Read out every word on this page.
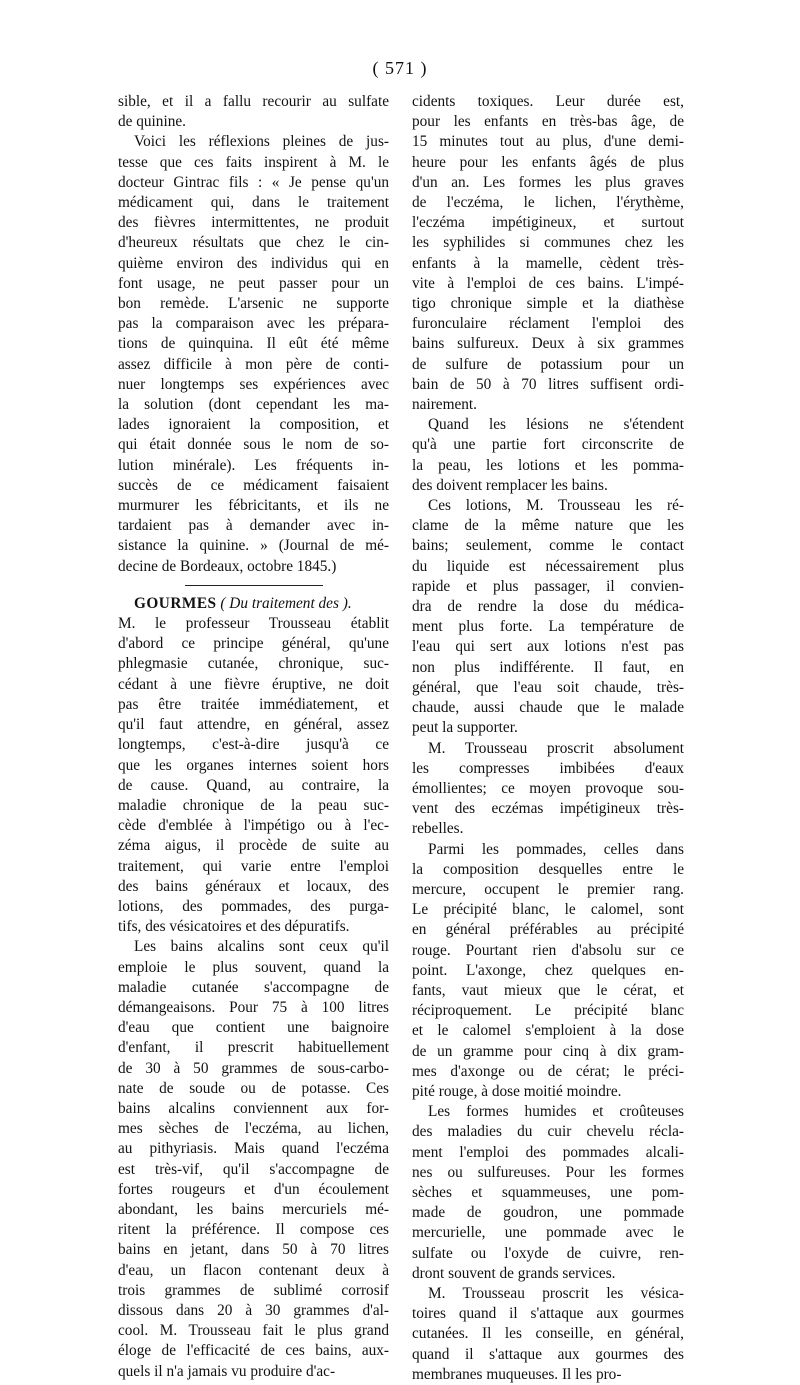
( 571 )

sible, et il a fallu recourir au sulfate
de quinine.

Voici les réflexions pleines de jus-
tesse que ces faits inspirent à M. le
docteur Gintrac fils : « Je pense qu'un
médicament qui, dans le traitement
des fièvres intermittentes, ne produit
d'heureux résultats que chez le cin-
quième environ des individus qui en
font usage, ne peut passer pour un
bon remède. L'arsenic ne supporte
pas la comparaison avec les prépara-
tions de quinquina. Il eût été même
assez difficile à mon père de conti-
nuer longtemps ses expériences avec
la solution (dont cependant les ma-
lades ignoraient la composition, et
qui était donnée sous le nom de so-
lution minérale). Les fréquents in-
succès de ce médicament faisaient
murmurer les fébricitants, et ils ne
tardaient pas à demander avec in-
sistance la quinine. » (Journal de mé-
decine de Bordeaux, octobre 1845.)

GOURMES ( Du traitement des ).

M. le professeur Trousseau établit
d'abord ce principe général, qu'une
phlegmasie cutanée, chronique, suc-
cédant à une fièvre éruptive, ne doit
pas être traitée immédiatement, et
qu'il faut attendre, en général, assez
longtemps, c'est-à-dire jusqu'à ce
que les organes internes soient hors
de cause. Quand, au contraire, la
maladie chronique de la peau suc-
cède d'emblée à l'impétigo ou à l'ec-
zéma aigus, il procède de suite au
traitement, qui varie entre l'emploi
des bains généraux et locaux, des
lotions, des pommades, des purga-
tifs, des vésicatoires et des dépuratifs.

Les bains alcalins sont ceux qu'il
emploie le plus souvent, quand la
maladie cutanée s'accompagne de
démangeaisons. Pour 75 à 100 litres
d'eau que contient une baignoire
d'enfant, il prescrit habituellement
de 30 à 50 grammes de sous-carbo-
nate de soude ou de potasse. Ces
bains alcalins conviennent aux for-
mes sèches de l'eczéma, au lichen,
au pithyriasis. Mais quand l'eczéma
est très-vif, qu'il s'accompagne de
fortes rougeurs et d'un écoulement
abondant, les bains mercuriels mé-
ritent la préférence. Il compose ces
bains en jetant, dans 50 à 70 litres
d'eau, un flacon contenant deux à
trois grammes de sublimé corrosif
dissous dans 20 à 30 grammes d'al-
cool. M. Trousseau fait le plus grand
éloge de l'efficacité de ces bains, aux-
quels il n'a jamais vu produire d'ac-

cidents toxiques. Leur durée est,
pour les enfants en très-bas âge, de
15 minutes tout au plus, d'une demi-
heure pour les enfants âgés de plus
d'un an. Les formes les plus graves
de l'eczéma, le lichen, l'érythème,
l'eczéma impétigineux, et surtout
les syphilides si communes chez les
enfants à la mamelle, cèdent très-
vite à l'emploi de ces bains. L'impé-
tigo chronique simple et la diathèse
furonculaire réclament l'emploi des
bains sulfureux. Deux à six grammes
de sulfure de potassium pour un
bain de 50 à 70 litres suffisent ordi-
nairement.

Quand les lésions ne s'étendent
qu'à une partie fort circonscrite de
la peau, les lotions et les pomma-
des doivent remplacer les bains.

Ces lotions, M. Trousseau les ré-
clame de la même nature que les
bains; seulement, comme le contact
du liquide est nécessairement plus
rapide et plus passager, il convien-
dra de rendre la dose du médica-
ment plus forte. La température de
l'eau qui sert aux lotions n'est pas
non plus indifférente. Il faut, en
général, que l'eau soit chaude, très-
chaude, aussi chaude que le malade
peut la supporter.

M. Trousseau proscrit absolument
les compresses imbibées d'eaux
émollientes; ce moyen provoque sou-
vent des eczémas impétigineux très-
rebelles.

Parmi les pommades, celles dans
la composition desquelles entre le
mercure, occupent le premier rang.
Le précipité blanc, le calomel, sont
en général préférables au précipité
rouge. Pourtant rien d'absolu sur ce
point. L'axonge, chez quelques en-
fants, vaut mieux que le cérat, et
réciproquement. Le précipité blanc
et le calomel s'emploient à la dose
de un gramme pour cinq à dix gram-
mes d'axonge ou de cérat; le préci-
pité rouge, à dose moitié moindre.

Les formes humides et croûteuses
des maladies du cuir chevelu récla-
ment l'emploi des pommades alcali-
nes ou sulfureuses. Pour les formes
sèches et squammeuses, une pom-
made de goudron, une pommade
mercurielle, une pommade avec le
sulfate ou l'oxyde de cuivre, ren-
dront souvent de grands services.

M. Trousseau proscrit les vésica-
toires quand il s'attaque aux gourmes
cutanées. Il les conseille, en général,
quand il s'attaque aux gourmes des
membranes muqueuses. Il les pro-
